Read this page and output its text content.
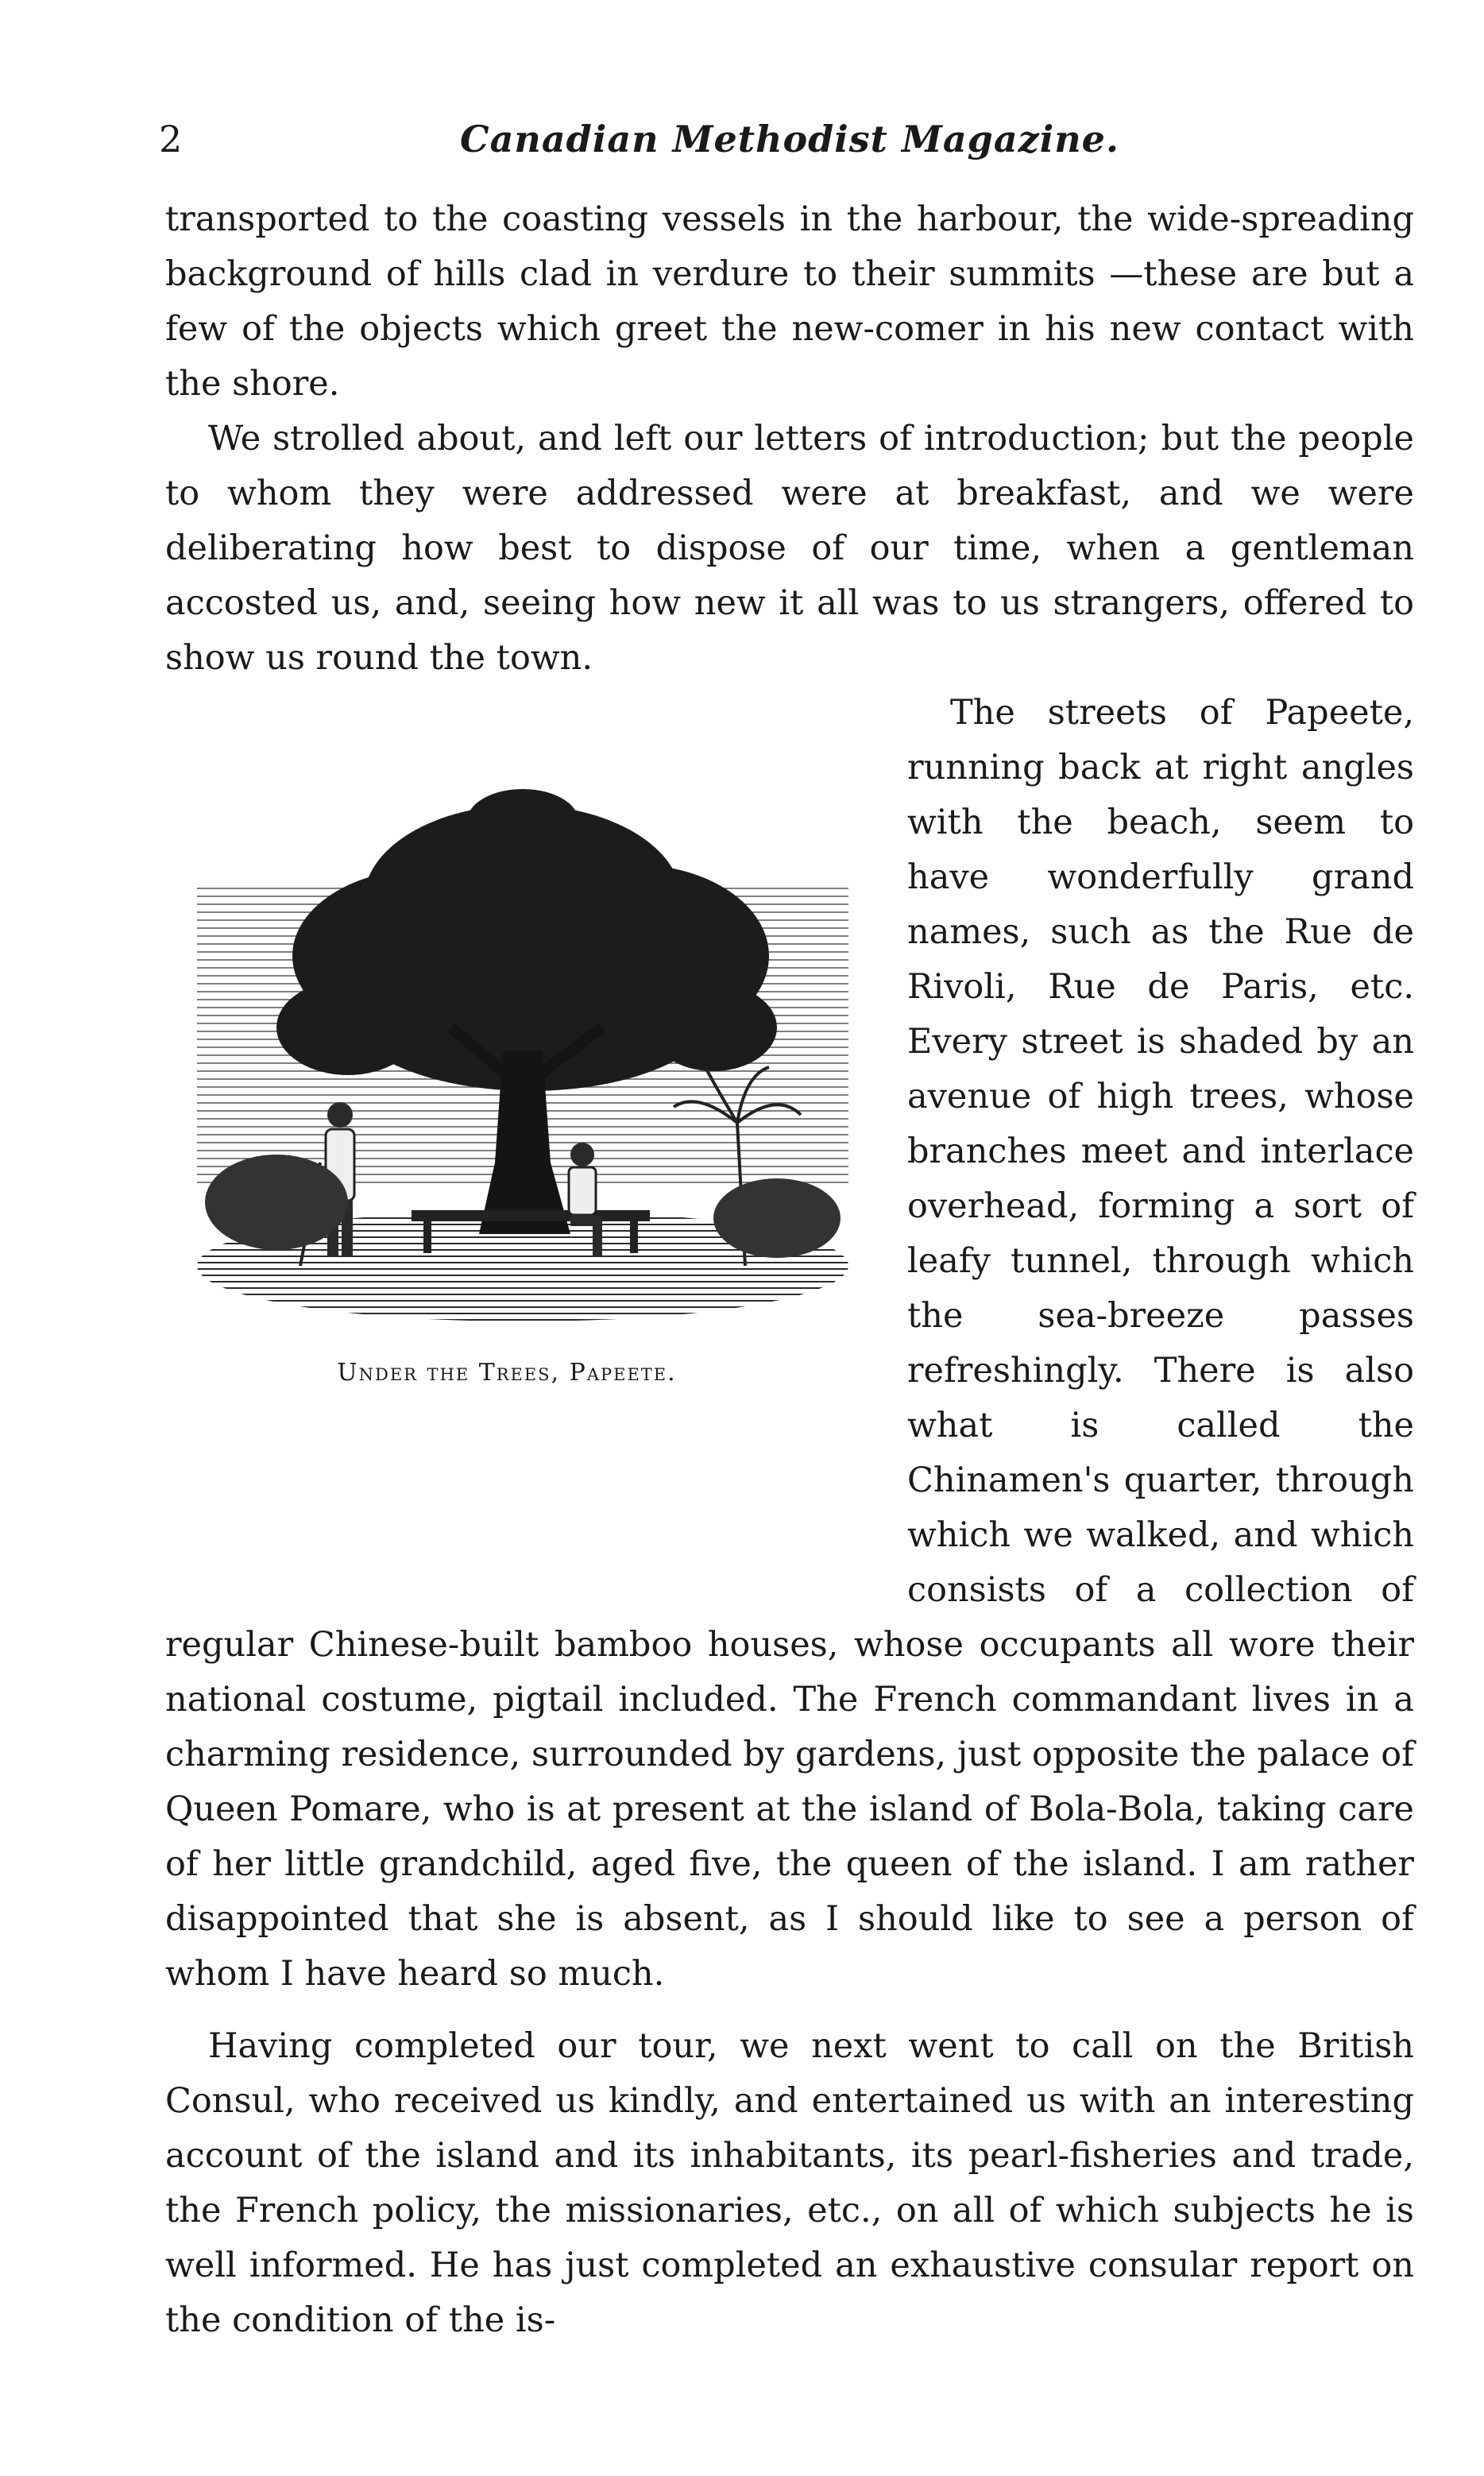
2	Canadian Methodist Magazine.

transported to the coasting vessels in the harbour, the wide-spreading background of hills clad in verdure to their summits —these are but a few of the objects which greet the new-comer in his new contact with the shore.

We strolled about, and left our letters of introduction; but the people to whom they were addressed were at breakfast, and we were deliberating how best to dispose of our time, when a gentleman accosted us, and, seeing how new it all was to us strangers, offered to show us round the town.

Under the Trees, Papeete.

The streets of Papeete, running back at right angles with the beach, seem to have wonderfully grand names, such as the Rue de Rivoli, Rue de Paris, etc. Every street is shaded by an avenue of high trees, whose branches meet and interlace overhead, forming a sort of leafy tunnel, through which the sea-breeze passes refreshingly. There is also what is called the Chinamen's quarter, through which we walked, and which consists of a collection of regular Chinese-built bamboo houses, whose occupants all wore their national costume, pigtail included. The French commandant lives in a charming residence, surrounded by gardens, just opposite the palace of Queen Pomare, who is at present at the island of Bola-Bola, taking care of her little grandchild, aged five, the queen of the island. I am rather disappointed that she is absent, as I should like to see a person of whom I have heard so much.

Having completed our tour, we next went to call on the British Consul, who received us kindly, and entertained us with an interesting account of the island and its inhabitants, its pearl-fisheries and trade, the French policy, the missionaries, etc., on all of which subjects he is well informed. He has just completed an exhaustive consular report on the condition of the is-
